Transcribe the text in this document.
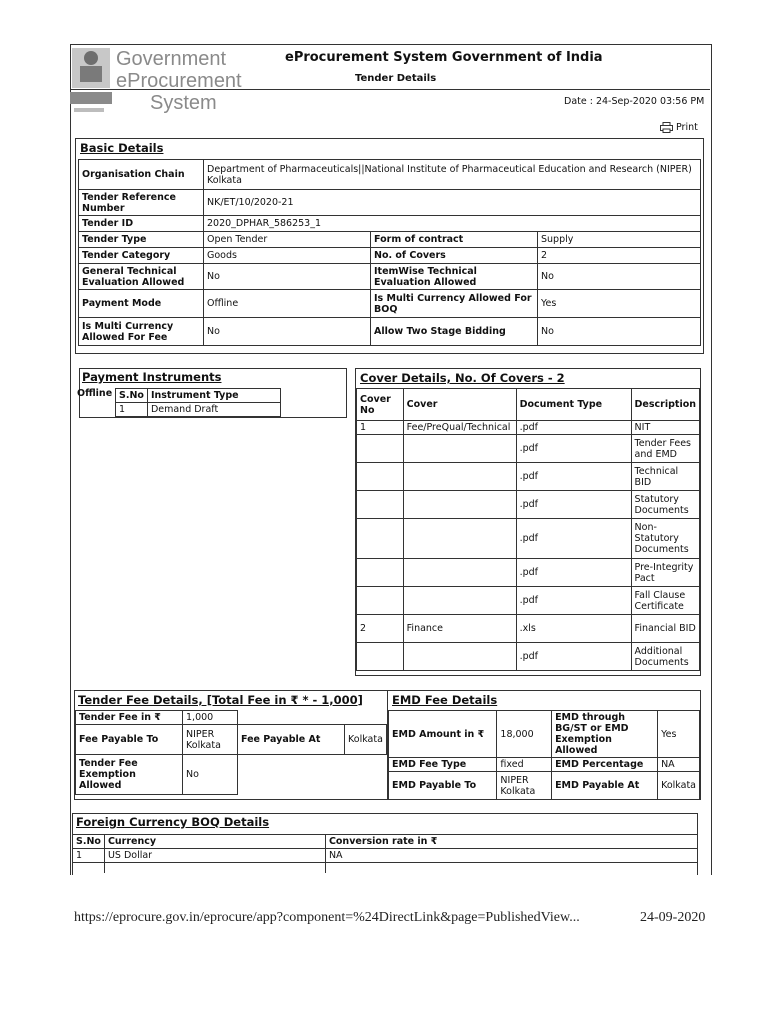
Government
eProcurement
System
eProcurement System Government of India
Tender Details
Date : 24-Sep-2020 03:56 PM
Print
Basic Details
Organisation Chain	Department of Pharmaceuticals||National Institute of Pharmaceutical Education and Research (NIPER) Kolkata		
Tender Reference Number	NK/ET/10/2020-21		
Tender ID	2020_DPHAR_586253_1		
Tender Type	Open Tender	Form of contract	Supply
Tender Category	Goods	No. of Covers	2
General Technical Evaluation Allowed	No	ItemWise Technical Evaluation Allowed	No
Payment Mode	Offline	Is Multi Currency Allowed For BOQ	Yes
Is Multi Currency Allowed For Fee	No	Allow Two Stage Bidding	No
Payment Instruments
Offline S.No	Instrument Type
1	Demand Draft
Cover Details, No. Of Covers - 2
Cover No	Cover	Document Type	Description
1	Fee/PreQual/Technical	.pdf	NIT
		.pdf	Tender Fees and EMD
		.pdf	Technical BID
		.pdf	Statutory Documents
		.pdf	Non-Statutory Documents
		.pdf	Pre-Integrity Pact
		.pdf	Fall Clause Certificate
2	Finance	.xls	Financial BID
		.pdf	Additional Documents
Tender Fee Details, [Total Fee in ₹ * - 1,000]
Tender Fee in ₹	1,000		
Fee Payable To	NIPER Kolkata	Fee Payable At	Kolkata
Tender Fee Exemption Allowed	No		
EMD Fee Details
EMD Amount in ₹	18,000	EMD through BG/ST or EMD Exemption Allowed	Yes
EMD Fee Type	fixed	EMD Percentage	NA
EMD Payable To	NIPER Kolkata	EMD Payable At	Kolkata
Foreign Currency BOQ Details
S.No	Currency	Conversion rate in ₹
1	US Dollar	NA

https://eprocure.gov.in/eprocure/app?component=%24DirectLink&page=PublishedView...	24-09-2020
